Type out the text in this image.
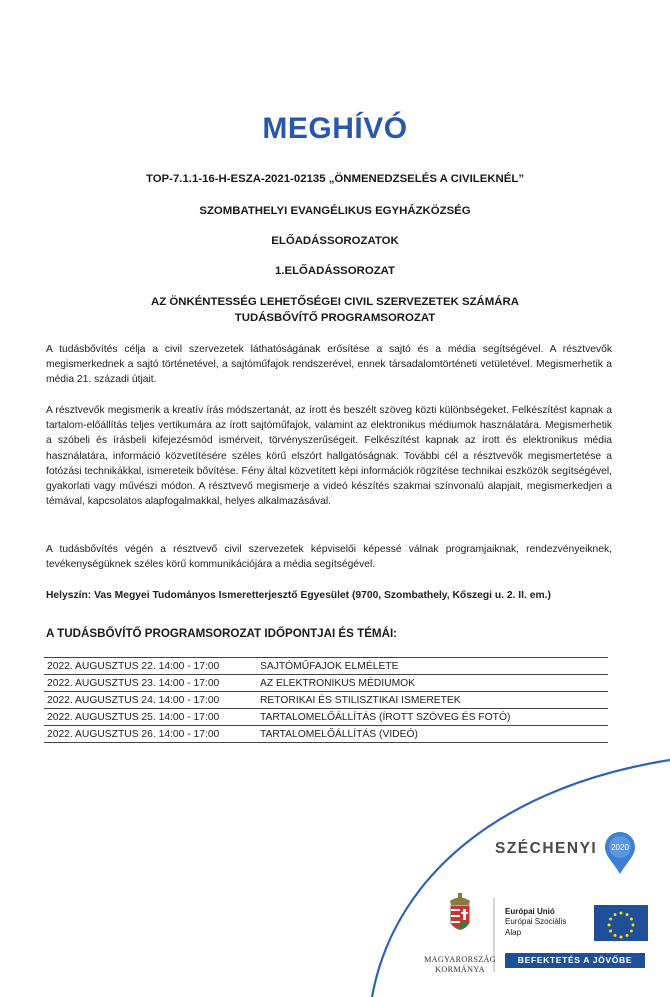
MEGHÍVÓ
TOP-7.1.1-16-H-ESZA-2021-02135 „ÖNMENEDZSELÉS A CIVILEKNÉL”
SZOMBATHELYI EVANGÉLIKUS EGYHÁZKÖZSÉG
ELŐADÁSSOROZATOK
1.ELŐADÁSSOROZAT
AZ ÖNKÉNTESSÉG LEHETŐSÉGEI CIVIL SZERVEZETEK SZÁMÁRA
TUDÁSBŐVÍTŐ PROGRAMSOROZAT
A tudásbővítés célja a civil szervezetek láthatóságának erősítése a sajtó és a média segítségével. A résztvevők megismerkednek a sajtó történetével, a sajtóműfajok rendszerével, ennek társadalomtörténeti vetületével. Megismerhetik a média 21. századi útjait.
A résztvevők megismerik a kreatív írás módszertanát, az írott és beszélt szöveg közti különbségeket. Felkészítést kapnak a tartalom-előállítás teljes vertikumára az írott sajtóműfajok, valamint az elektronikus médiumok használatára. Megismerhetik a szóbeli és írásbeli kifejezésmód ismérveit, törvényszerűségeit. Felkészítést kapnak az írott és elektronikus média használatára, információ közvetítésére széles körű elszórt hallgatóságnak. További cél a résztvevők megismertetése a fotózási technikákkal, ismereteik bővítése. Fény által közvetített képi információk rögzítése technikai eszközök segítségével, gyakorlati vagy művészi módon. A résztvevő megismerje a videó készítés szakmai színvonalú alapjait, megismerkedjen a témával, kapcsolatos alapfogalmakkal, helyes alkalmazásával.
A tudásbővítés végén a résztvevő civil szervezetek képviselői képessé válnak programjaiknak, rendezvényeiknek, tevékenységüknek széles körű kommunikációjára a média segítségével.
Helyszín: Vas Megyei Tudományos Ismeretterjesztő Egyesület (9700, Szombathely, Kőszegi u. 2. II. em.)
A TUDÁSBŐVÍTŐ PROGRAMSOROZAT IDŐPONTJAI ÉS TÉMÁI:
2022. AUGUSZTUS 22. 14:00 - 17:00	SAJTÓMŰFAJOK ELMÉLETE
2022. AUGUSZTUS 23. 14:00 - 17:00	AZ ELEKTRONIKUS MÉDIUMOK
2022. AUGUSZTUS 24. 14:00 - 17:00	RETORIKAI ÉS STILISZTIKAI ISMERETEK
2022. AUGUSZTUS 25. 14:00 - 17:00	TARTALOMELŐÁLLÍTÁS (ÍROTT SZÖVEG ÉS FOTÓ)
2022. AUGUSZTUS 26. 14:00 - 17:00	TARTALOMELŐÁLLÍTÁS (VIDEÓ)
SZÉCHENYI 2020
MAGYARORSZÁG
KORMÁNYA
Európai Unió
Európai Szociális
Alap
BEFEKTETÉS A JÖVŐBE
